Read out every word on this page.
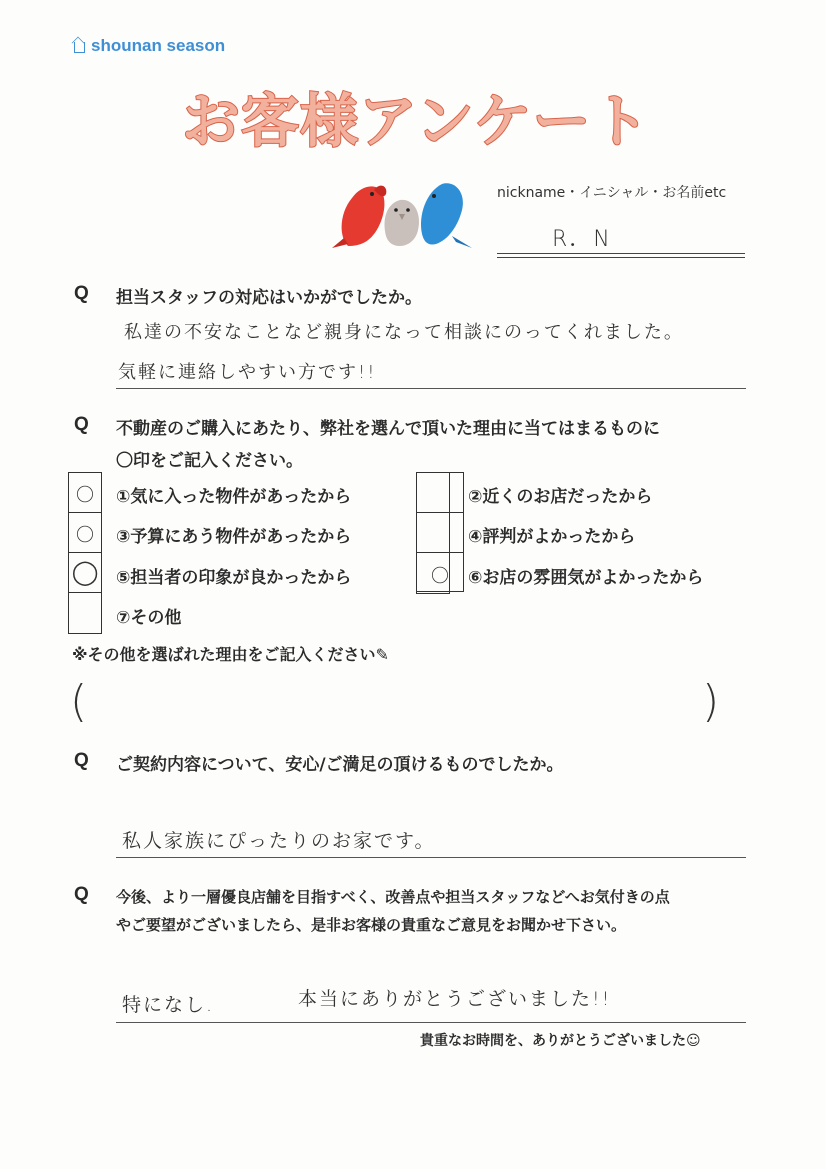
shounan season
お客様アンケート
nickname・イニシャル・お名前etc
R．N
Q 担当スタッフの対応はいかがでしたか。
私達の不安なことなど親身になって相談にのってくれました。
気軽に連絡しやすい方です!!
Q 不動産のご購入にあたり、弊社を選んで頂いた理由に当てはまるものに
〇印をご記入ください。
〇
〇
◯
①気に入った物件があったから
③予算にあう物件があったから
⑤担当者の印象が良かったから
⑦その他
〇
②近くのお店だったから
④評判がよかったから
⑥お店の雰囲気がよかったから
※その他を選ばれた理由をご記入ください✎
(	)
Q ご契約内容について、安心/ご満足の頂けるものでしたか。
私人家族にぴったりのお家です。
Q 今後、より一層優良店舗を目指すべく、改善点や担当スタッフなどへお気付きの点
やご要望がございましたら、是非お客様の貴重なご意見をお聞かせ下さい。
特になし.	本当にありがとうございました!!
貴重なお時間を、ありがとうございました☺
